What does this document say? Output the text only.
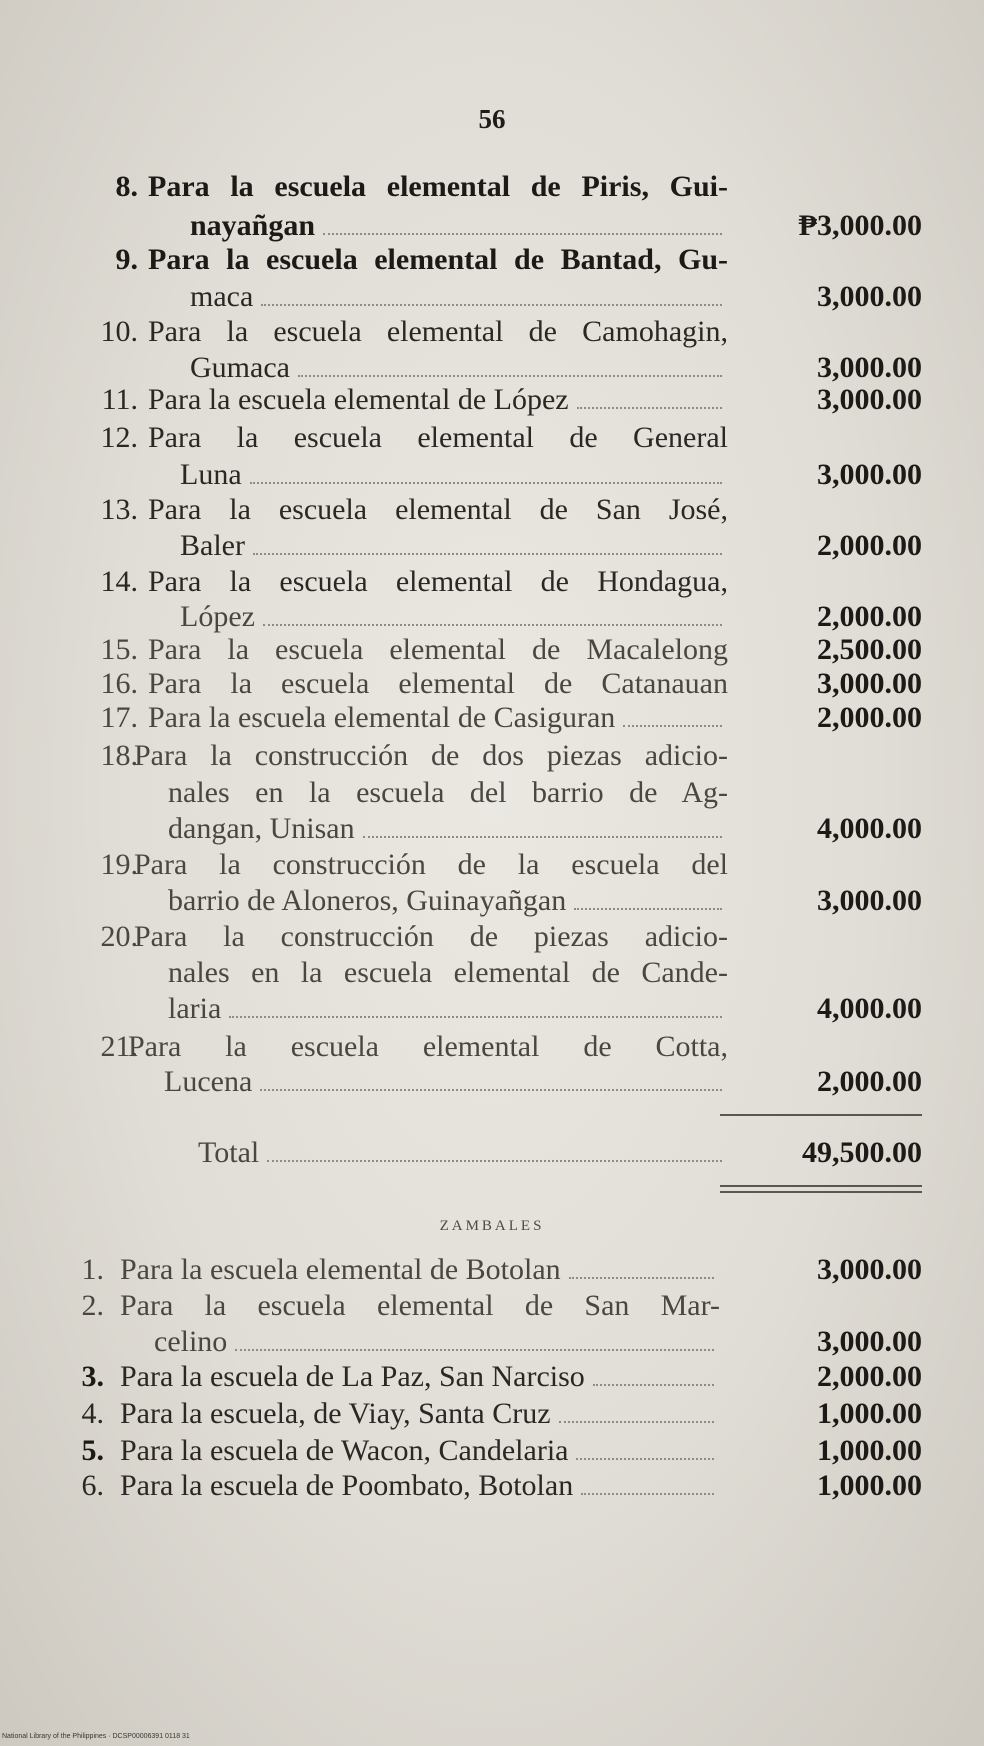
56
8. Para la escuela elemental de Piris, Gui-
nayañgan	₱3,000.00
9. Para la escuela elemental de Bantad, Gu-
maca	3,000.00
10. Para la escuela elemental de Camohagin,
Gumaca	3,000.00
11. Para la escuela elemental de López	3,000.00
12. Para la escuela elemental de General
Luna	3,000.00
13. Para la escuela elemental de San José,
Baler	2,000.00
14. Para la escuela elemental de Hondagua,
López	2,000.00
15. Para la escuela elemental de Macalelong	2,500.00
16. Para la escuela elemental de Catanauan	3,000.00
17. Para la escuela elemental de Casiguran	2,000.00
18.
Para la construcción de dos piezas adicio-
nales en la escuela del barrio de Ag-
dangan, Unisan	4,000.00
19.
Para la construcción de la escuela del
barrio de Aloneros, Guinayañgan	3,000.00
20.
Para la construcción de piezas adicio-
nales en la escuela elemental de Cande-
laria	4,000.00
21.
Para la escuela elemental de Cotta,
Lucena	2,000.00
Total	49,500.00
ZAMBALES
1. Para la escuela elemental de Botolan	3,000.00
2. Para la escuela elemental de San Mar-
celino	3,000.00
3. Para la escuela de La Paz, San Narciso	2,000.00
4. Para la escuela, de Viay, Santa Cruz	1,000.00
5. Para la escuela de Wacon, Candelaria	1,000.00
6. Para la escuela de Poombato, Botolan	1,000.00
National Library of the Philippines · DCSP00006391 0118 31
